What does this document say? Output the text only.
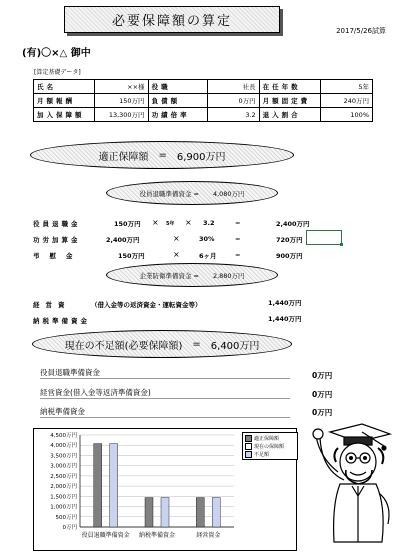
必要保障額の算定
2017/5/26試算
(有)〇×△ 御中
[算定基礎データ]
氏名	××様	役職	社長	在任年数	5年
月額報酬	150万円	負債額	0万円	月額固定費	240万円
加入保障額	13,300万円	功績倍率	3.2	退入割合	100%
適正保障額 = 6,900万円
役員退職準備資金 = 4,080万円
役員退職金	150万円 × 5年 × 3.2	=	2,400万円
功労加算金	2,400万円	×	30%	=	720万円
弔慰金	150万円	×	6ヶ月	=	900万円
企業防衛準備資金 = 2,880万円
経営資	（借入金等の返済資金・運転資金等）	1,440万円
納税準備資金	1,440万円
現在の不足額(必要保障額) = 6,400万円
役員退職準備資金	0万円
経営資金(借入金等返済準備資金)	0万円
納税準備資金	0万円
0万円
500万円
1,000万円
1,500万円
2,000万円
2,500万円
3,000万円
3,500万円
4,000万円
4,500万円
役員退職準備資金 納税準備資金	経営資金
適正保障額
現在の保障額
不足額
